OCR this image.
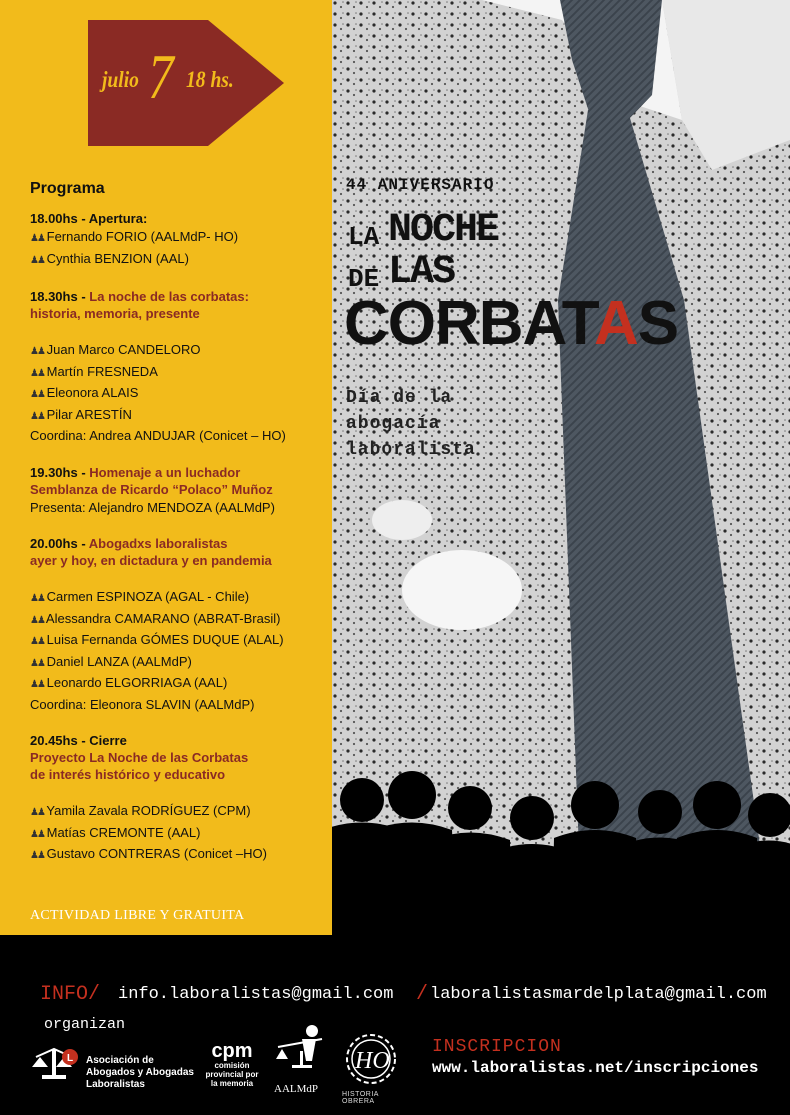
julio 7 18 hs.
Programa
18.00hs - Apertura:
♟♟ Fernando FORIO (AALMdP- HO)
♟♟ Cynthia BENZION (AAL)
18.30hs - La noche de las corbatas:
historia, memoria, presente
♟♟ Juan Marco CANDELORO
♟♟ Martín FRESNEDA
♟♟ Eleonora ALAIS
♟♟ Pilar ARESTÍN
Coordina: Andrea ANDUJAR (Conicet – HO)
19.30hs - Homenaje a un luchador
Semblanza de Ricardo “Polaco” Muñoz
Presenta: Alejandro MENDOZA (AALMdP)
20.00hs - Abogadxs laboralistas
ayer y hoy, en dictadura y en pandemia
♟♟ Carmen ESPINOZA (AGAL - Chile)
♟♟ Alessandra CAMARANO (ABRAT-Brasil)
♟♟ Luisa Fernanda GÓMES DUQUE (ALAL)
♟♟ Daniel LANZA (AALMdP)
♟♟ Leonardo ELGORRIAGA (AAL)
Coordina: Eleonora SLAVIN (AALMdP)
20.45hs - Cierre
Proyecto La Noche de las Corbatas
de interés histórico y educativo
♟♟ Yamila Zavala RODRÍGUEZ (CPM)
♟♟ Matías CREMONTE (AAL)
♟♟ Gustavo CONTRERAS (Conicet –HO)
ACTIVIDAD LIBRE Y GRATUITA
44 ANIVERSARIO
LA NOCHE
DE LAS
CORBATAS
Día de la abogacía laboralista
INFO/ info.laboralistas@gmail.com / laboralistasmardelplata@gmail.com
organizan
L Asociación de Abogados y Abogadas Laboralistas
cpm
comisión provincial por la memoria	AALMdP
HO
HISTORIA OBRERA
INSCRIPCION
www.laboralistas.net/inscripciones
